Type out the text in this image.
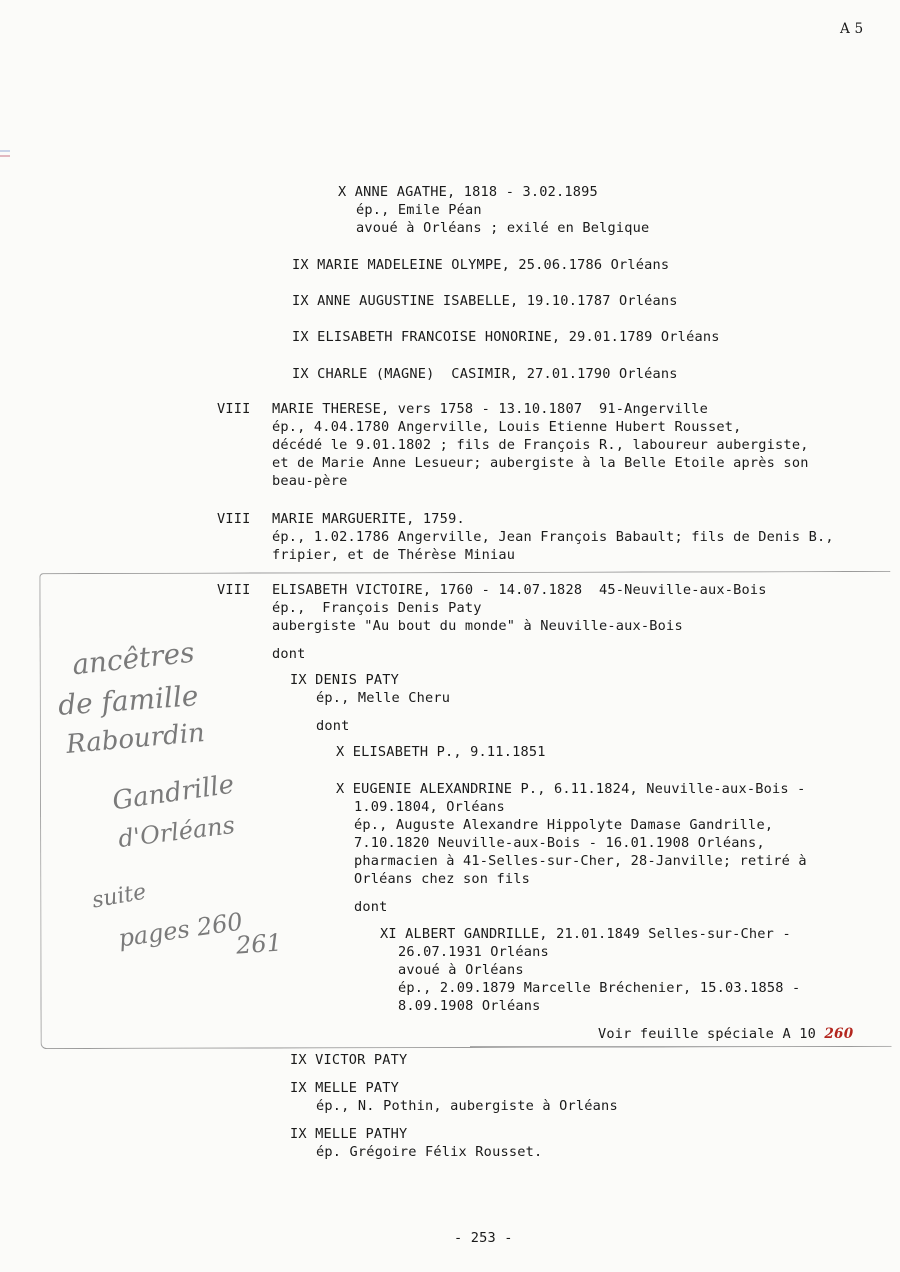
A 5
ancêtres
de famille
Rabourdin
Gandrille
d'Orléans
suite
pages 260
261
X ANNE AGATHE, 1818 - 3.02.1895
ép., Emile Péan
avoué à Orléans ; exilé en Belgique
IX MARIE MADELEINE OLYMPE, 25.06.1786 Orléans
IX ANNE AUGUSTINE ISABELLE, 19.10.1787 Orléans
IX ELISABETH FRANCOISE HONORINE, 29.01.1789 Orléans
IX CHARLE (MAGNE)  CASIMIR, 27.01.1790 Orléans
VIII MARIE THERESE, vers 1758 - 13.10.1807  91-Angerville
ép., 4.04.1780 Angerville, Louis Etienne Hubert Rousset,
décédé le 9.01.1802 ; fils de François R., laboureur aubergiste,
et de Marie Anne Lesueur; aubergiste à la Belle Etoile après son
beau-père
VIII MARIE MARGUERITE, 1759.
ép., 1.02.1786 Angerville, Jean François Babault; fils de Denis B.,
fripier, et de Thérèse Miniau
VIII ELISABETH VICTOIRE, 1760 - 14.07.1828  45-Neuville-aux-Bois
ép.,  François Denis Paty
aubergiste "Au bout du monde" à Neuville-aux-Bois
dont
IX DENIS PATY
ép., Melle Cheru
dont
X ELISABETH P., 9.11.1851
X EUGENIE ALEXANDRINE P., 6.11.1824, Neuville-aux-Bois -
1.09.1804, Orléans
ép., Auguste Alexandre Hippolyte Damase Gandrille,
7.10.1820 Neuville-aux-Bois - 16.01.1908 Orléans,
pharmacien à 41-Selles-sur-Cher, 28-Janville; retiré à
Orléans chez son fils
dont
XI ALBERT GANDRILLE, 21.01.1849 Selles-sur-Cher -
26.07.1931 Orléans
avoué à Orléans
ép., 2.09.1879 Marcelle Bréchenier, 15.03.1858 -
8.09.1908 Orléans
Voir feuille spéciale A 10 260
IX VICTOR PATY
IX MELLE PATY
ép., N. Pothin, aubergiste à Orléans
IX MELLE PATHY
ép. Grégoire Félix Rousset.
- 253 -
